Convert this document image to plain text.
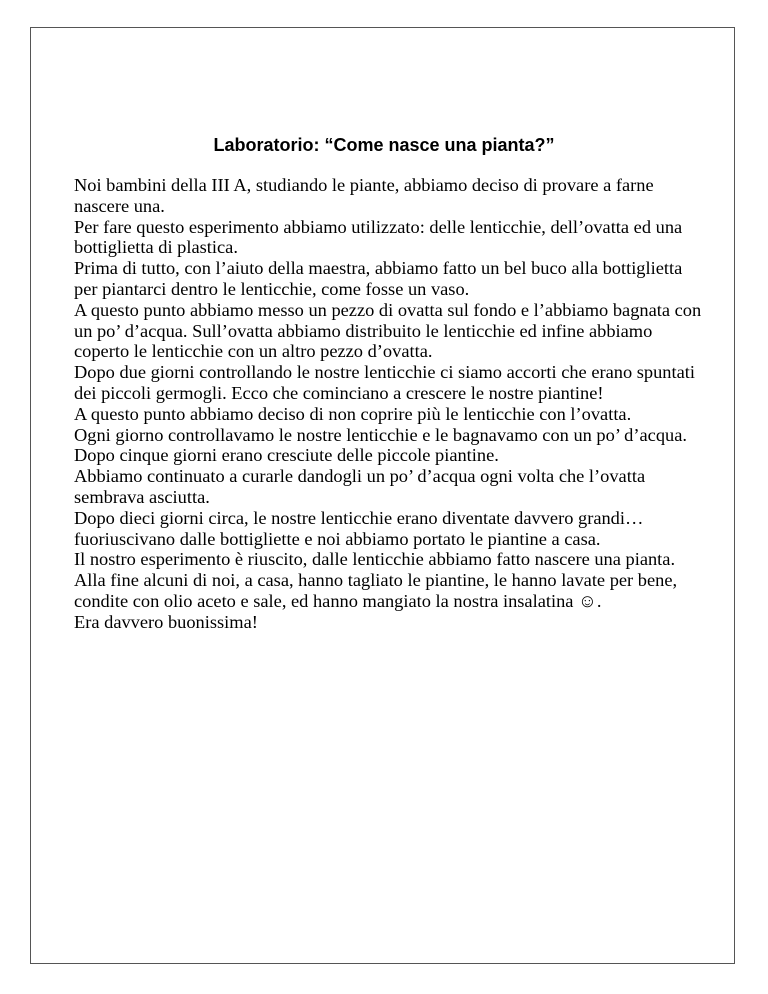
Laboratorio: “Come nasce una pianta?”

Noi bambini della III A, studiando le piante, abbiamo deciso di provare a farne nascere una.

Per fare questo esperimento abbiamo utilizzato: delle lenticchie, dell’ovatta ed una bottiglietta di plastica.

Prima di tutto, con l’aiuto della maestra, abbiamo fatto un bel buco alla bottiglietta per piantarci dentro le lenticchie, come fosse un vaso.

A questo punto abbiamo messo un pezzo di ovatta sul fondo e l’abbiamo bagnata con un po’ d’acqua. Sull’ovatta abbiamo distribuito le lenticchie ed infine abbiamo coperto le lenticchie con un altro pezzo d’ovatta.

Dopo due giorni controllando le nostre lenticchie ci siamo accorti che erano spuntati dei piccoli germogli. Ecco che cominciano a crescere le nostre piantine!

A questo punto abbiamo deciso di non coprire più le lenticchie con l’ovatta.

Ogni giorno controllavamo le nostre lenticchie e le bagnavamo con un po’ d’acqua.

Dopo cinque giorni erano cresciute delle piccole piantine.

Abbiamo continuato a curarle dandogli un po’ d’acqua ogni volta che l’ovatta sembrava asciutta.

Dopo dieci giorni circa, le nostre lenticchie erano diventate davvero grandi…fuoriuscivano dalle bottigliette e noi abbiamo portato le piantine a casa.

Il nostro esperimento è riuscito, dalle lenticchie abbiamo fatto nascere una pianta.

Alla fine alcuni di noi, a casa, hanno tagliato le piantine, le hanno lavate per bene, condite con olio aceto e sale, ed hanno mangiato la nostra insalatina ☺.

Era davvero buonissima!
